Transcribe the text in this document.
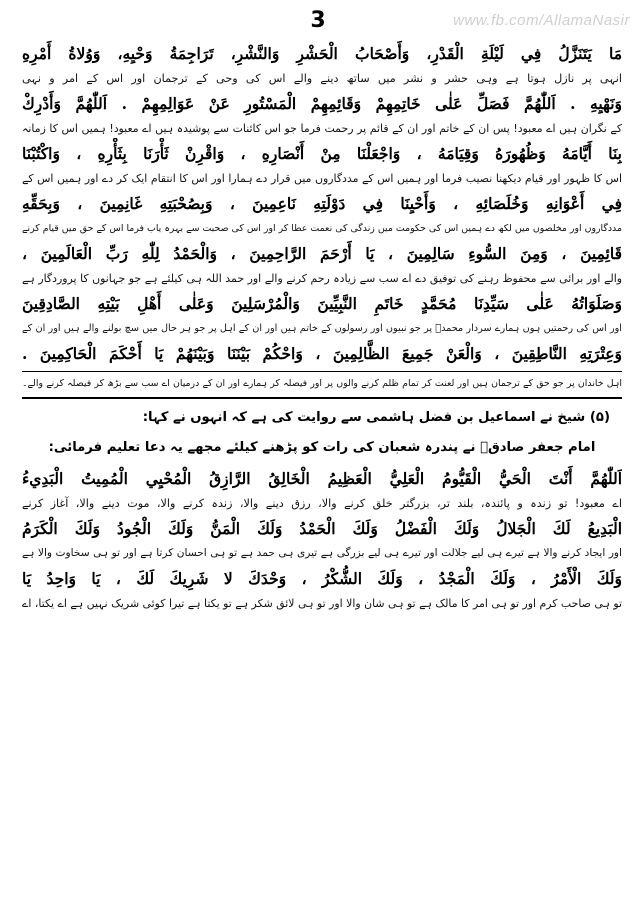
3	www.fb.com/AllamaNasir
مَا يَتَنَزَّلُ فِي لَيْلَةِ الْقَدْرِ، وَأَصْحَابُ الْحَشْرِ وَالنَّشْرِ، تَرَاجِمَةُ وَحْيِهِ، وَوُلاةُ أَمْرِهِ
انہی پر نازل ہوتا ہے وہی حشر و نشر میں ساتھ دینے والے اس کی وحی کے ترجمان اور اس کے امر و نہی
وَنَهْيِهِ . اَللّٰهُمَّ فَصَلِّ عَلٰى خَاتِمِهِمْ وَقَائِمِهِمْ الْمَسْتُورِ عَنْ عَوَالِمِهِمْ . اَللّٰهُمَّ وَأَدْرِكْ
کے نگران ہیں اے معبود! پس ان کے خاتم اور ان کے قائم پر رحمت فرما جو اس کائنات سے پوشیدہ ہیں اے معبود! ہمیں اس کا زمانہ
بِنَا أَيَّامَهُ وَظُهُورَهُ وَقِيَامَهُ ، وَاجْعَلْنَا مِنْ أَنْصَارِهِ ، وَاقْرِنْ ثَأْرَنَا بِثَأْرِهِ ، وَاكْتُبْنَا
اس کا ظہور اور قیام دیکھنا نصیب فرما اور ہمیں اس کے مددگاروں میں قرار دے ہمارا اور اس کا انتقام ایک کر دے اور ہمیں اس کے
فِي أَعْوَانِهِ وَخُلَصَائِهِ ، وَأَحْيِنَا فِي دَوْلَتِهِ نَاعِمِينَ ، وَبِصُحْبَتِهِ غَانِمِينَ ، وَبِحَقِّهِ
مددگاروں اور مخلصوں میں لکھ دے ہمیں اس کی حکومت میں زندگی کی نعمت عطا کر اور اس کی صحبت سے بہرہ یاب فرما اس کے حق میں قیام کرنے
قَائِمِينَ ، وَمِنَ السُّوءِ سَالِمِينَ ، يَا أَرْحَمَ الرَّاحِمِينَ ، وَالْحَمْدُ لِلّٰهِ رَبِّ الْعَالَمِينَ ،
والے اور برائی سے محفوظ رہنے کی توفیق دے اے سب سے زیادہ رحم کرنے والے اور حمد اللہ ہی کیلئے ہے جو جہانوں کا پروردگار ہے
وَصَلَوَاتُهُ عَلٰى سَيِّدِنَا مُحَمَّدٍ خَاتَمِ النَّبِيِّينَ وَالْمُرْسَلِينَ وَعَلٰى أَهْلِ بَيْتِهِ الصَّادِقِينَ
اور اس کی رحمتیں ہوں ہمارے سردار محمدؐ پر جو نبیوں اور رسولوں کے خاتم ہیں اور ان کے اہل پر جو ہر حال میں سچ بولنے والے ہیں اور ان کے
وَعِتْرَتِهِ النَّاطِقِينَ ، وَالْعَنْ جَمِيعَ الظَّالِمِينَ ، وَاحْكُمْ بَيْنَنَا وَبَيْنَهُمْ يَا أَحْكَمَ الْحَاكِمِينَ .
اہل خاندان پر جو حق کے ترجمان ہیں اور لعنت کر تمام ظلم کرنے والوں پر اور فیصلہ کر ہمارے اور ان کے درمیان اے سب سے بڑھ کر فیصلہ کرنے والے۔
(۵) شیخ نے اسماعیل بن فضل ہاشمی سے روایت کی ہے کہ انہوں نے کہا:
امام جعفر صادقؑ نے پندرہ شعبان کی رات کو پڑھنے کیلئے مجھے یہ دعا تعلیم فرمائی:
اَللّٰهُمَّ أَنْتَ الْحَيُّ الْقَيُّومُ الْعَلِيُّ الْعَظِيمُ الْخَالِقُ الرَّازِقُ الْمُحْيِي الْمُمِيتُ الْبَدِيءُ
اے معبود! تو زندہ و پائندہ، بلند تر، بزرگتر خلق کرنے والا، رزق دینے والا، زندہ کرنے والا، موت دینے والا، آغاز کرنے
الْبَدِيعُ لَكَ الْجَلالُ وَلَكَ الْفَضْلُ وَلَكَ الْحَمْدُ وَلَكَ الْمَنُّ وَلَكَ الْجُودُ وَلَكَ الْكَرَمُ
اور ایجاد کرنے والا ہے تیرے ہی لیے جلالت اور تیرے ہی لیے بزرگی ہے تیری ہی حمد ہے تو ہی احسان کرتا ہے اور تو ہی سخاوت والا ہے
وَلَكَ الْأَمْرُ ، وَلَكَ الْمَجْدُ ، وَلَكَ الشُّكْرُ ، وَحْدَكَ لا شَرِيكَ لَكَ ، يَا وَاحِدُ يَا
تو ہی صاحب کرم اور تو ہی امر کا مالک ہے تو ہی شان والا اور تو ہی لائق شکر ہے تو یکتا ہے تیرا کوئی شریک نہیں ہے اے یکتا، اے
